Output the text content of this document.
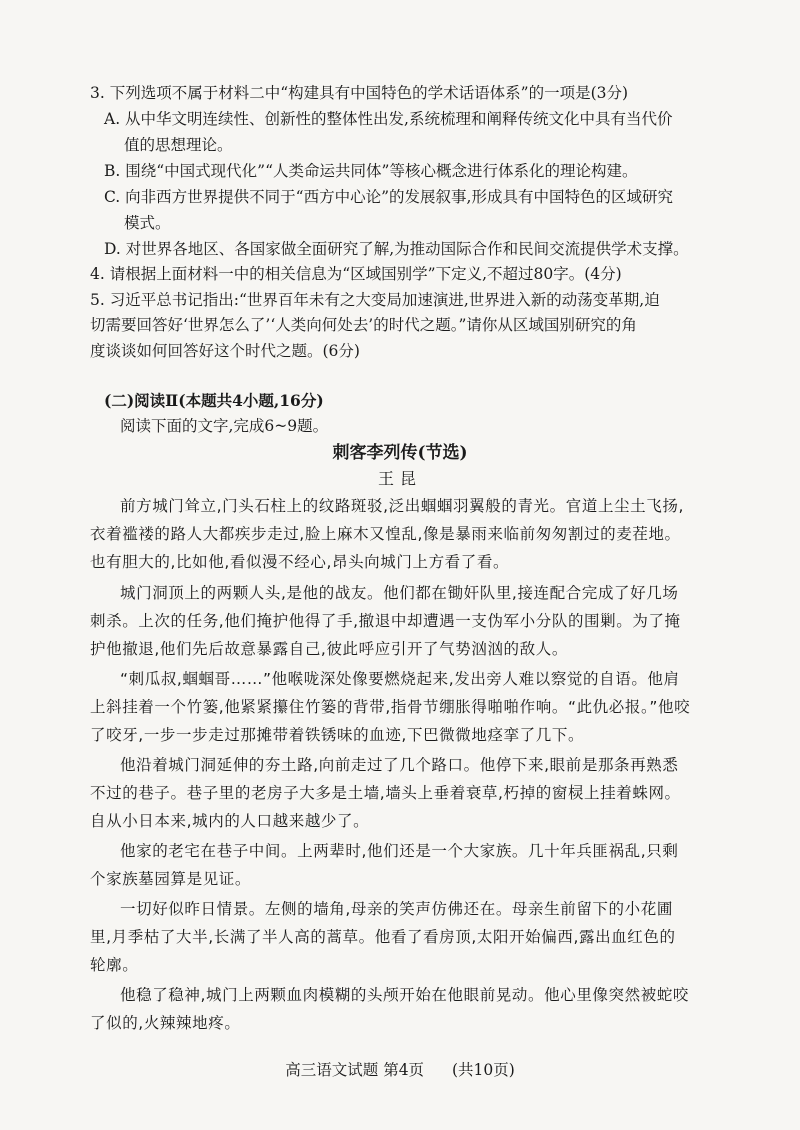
3. 下列选项不属于材料二中“构建具有中国特色的学术话语体系”的一项是(3分)
A. 从中华文明连续性、创新性的整体性出发,系统梳理和阐释传统文化中具有当代价
值的思想理论。
B. 围绕“中国式现代化”“人类命运共同体”等核心概念进行体系化的理论构建。
C. 向非西方世界提供不同于“西方中心论”的发展叙事,形成具有中国特色的区域研究
模式。
D. 对世界各地区、各国家做全面研究了解,为推动国际合作和民间交流提供学术支撑。
4. 请根据上面材料一中的相关信息为“区域国别学”下定义,不超过80字。(4分)
5. 习近平总书记指出:“世界百年未有之大变局加速演进,世界进入新的动荡变革期,迫
切需要回答好‘世界怎么了’‘人类向何处去’的时代之题。”请你从区域国别研究的角
度谈谈如何回答好这个时代之题。(6分)
(二)阅读Ⅱ(本题共4小题,16分)
阅读下面的文字,完成6~9题。
刺客李列传(节选)
王昆
前方城门耸立,门头石柱上的纹路斑驳,泛出蝈蝈羽翼般的青光。官道上尘土飞扬,
衣着褴褛的路人大都疾步走过,脸上麻木又惶乱,像是暴雨来临前匆匆割过的麦茬地。
也有胆大的,比如他,看似漫不经心,昂头向城门上方看了看。
城门洞顶上的两颗人头,是他的战友。他们都在锄奸队里,接连配合完成了好几场
刺杀。上次的任务,他们掩护他得了手,撤退中却遭遇一支伪军小分队的围剿。为了掩
护他撤退,他们先后故意暴露自己,彼此呼应引开了气势汹汹的敌人。
“刺瓜叔,蝈蝈哥……”他喉咙深处像要燃烧起来,发出旁人难以察觉的自语。他肩
上斜挂着一个竹篓,他紧紧攥住竹篓的背带,指骨节绷胀得啪啪作响。“此仇必报。”他咬
了咬牙,一步一步走过那摊带着铁锈味的血迹,下巴微微地痉挛了几下。
他沿着城门洞延伸的夯土路,向前走过了几个路口。他停下来,眼前是那条再熟悉
不过的巷子。巷子里的老房子大多是土墙,墙头上垂着衰草,朽掉的窗棂上挂着蛛网。
自从小日本来,城内的人口越来越少了。
他家的老宅在巷子中间。上两辈时,他们还是一个大家族。几十年兵匪祸乱,只剩
个家族墓园算是见证。
一切好似昨日情景。左侧的墙角,母亲的笑声仿佛还在。母亲生前留下的小花圃
里,月季枯了大半,长满了半人高的蒿草。他看了看房顶,太阳开始偏西,露出血红色的
轮廓。
他稳了稳神,城门上两颗血肉模糊的头颅开始在他眼前晃动。他心里像突然被蛇咬
了似的,火辣辣地疼。
高三语文试题 第4页 (共10页)
